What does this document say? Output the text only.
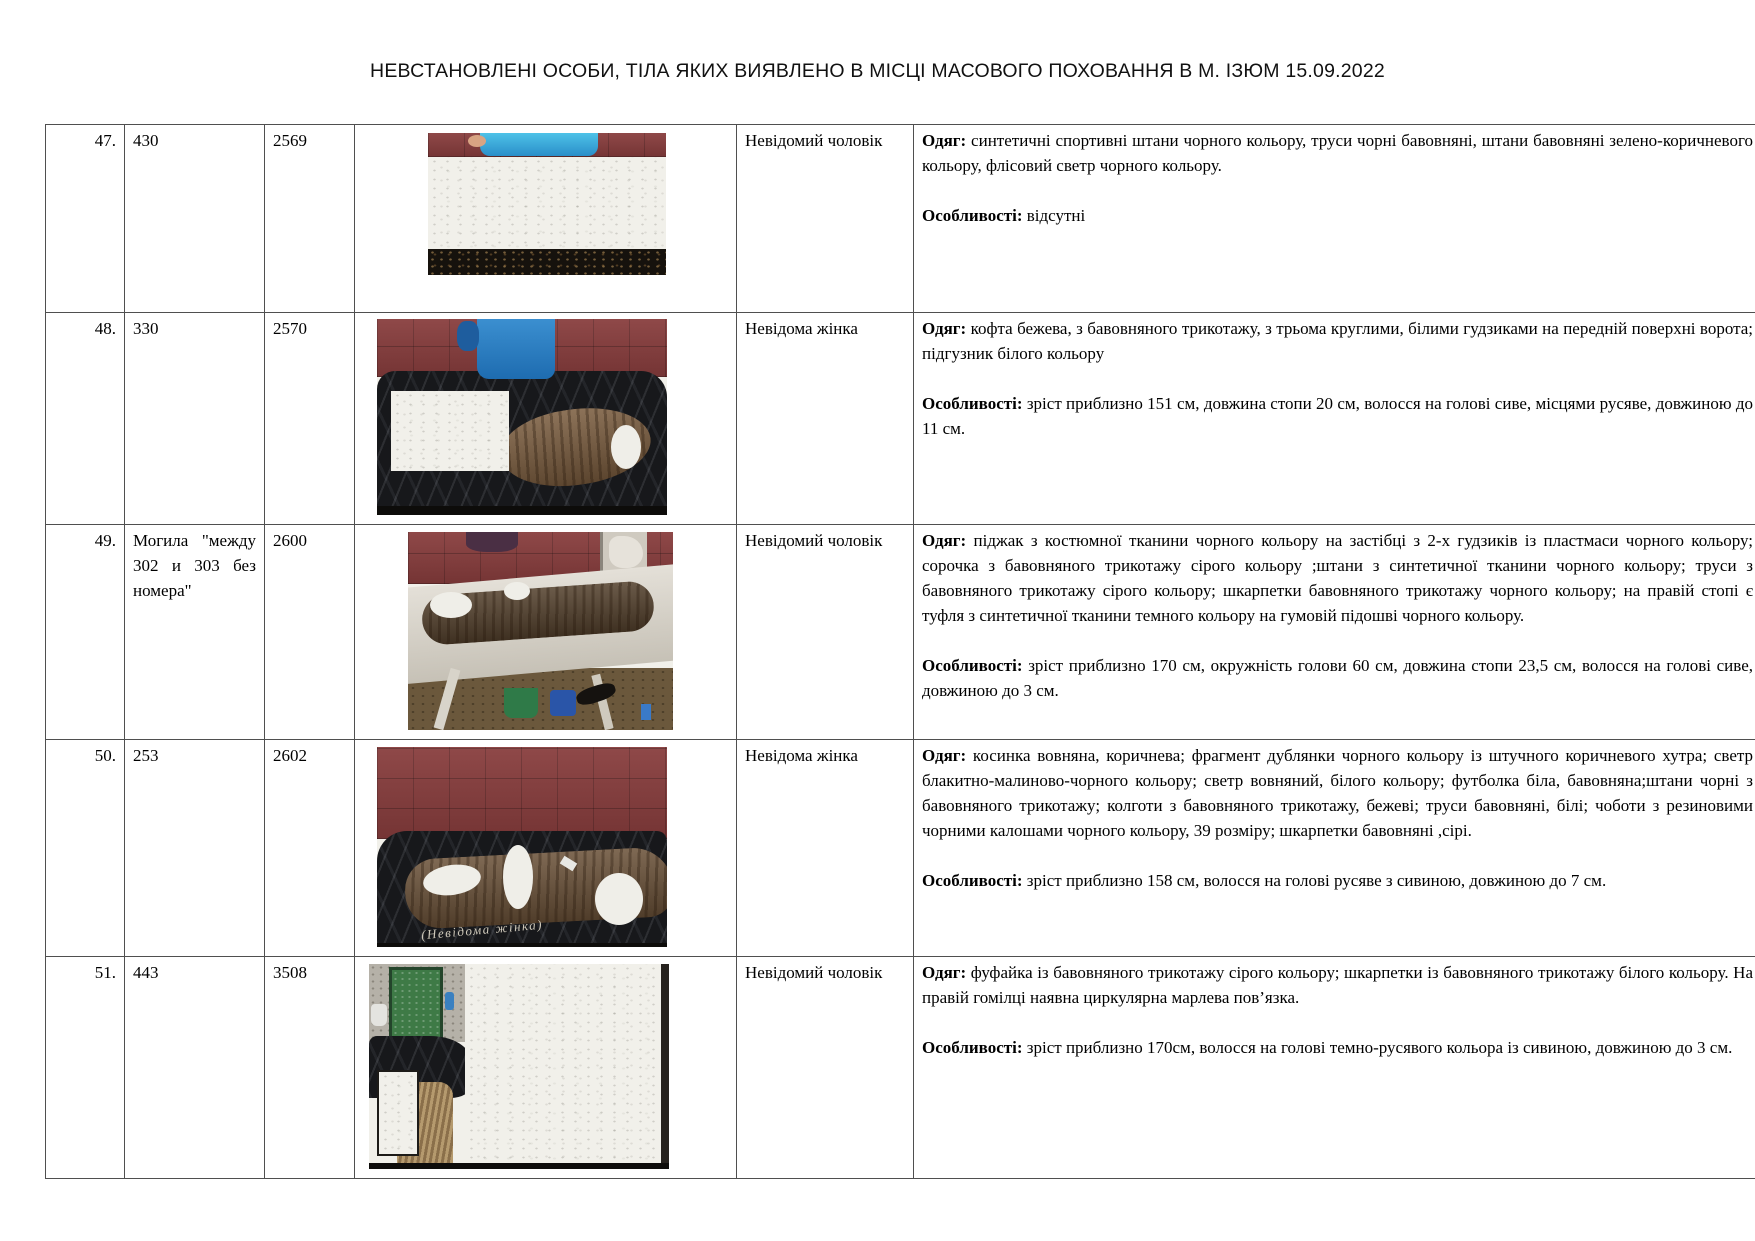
НЕВСТАНОВЛЕНІ ОСОБИ, ТІЛА ЯКИХ ВИЯВЛЕНО В МІСЦІ МАСОВОГО ПОХОВАННЯ В М. ІЗЮМ 15.09.2022
47.	430	2569		Невідомий чоловік	Одяг: синтетичні спортивні штани чорного кольору, труси чорні бавовняні, штани бавовняні зелено-коричневого кольору, флісовий светр чорного кольору.

Особливості: відсутні

48.	330	2570		Невідома жінка	Одяг: кофта бежева, з бавовняного трикотажу, з трьома круглими, білими гудзиками на передній поверхні ворота; підгузник білого кольору

Особливості: зріст приблизно 151 см, довжина стопи 20 см, волосся на голові сиве, місцями русяве, довжиною до 11 см.

49.	Могила "между 302 и 303 без номера"	2600		Невідомий чоловік	Одяг: піджак з костюмної тканини чорного кольору на застібці з 2-х гудзиків із пластмаси чорного кольору; сорочка з бавовняного трикотажу сірого кольору ;штани з синтетичної тканини чорного кольору; труси з бавовняного трикотажу сірого кольору; шкарпетки бавовняного трикотажу чорного кольору; на правій стопі є туфля з синтетичної тканини темного кольору на гумовій підошві чорного кольору.

Особливості: зріст приблизно 170 см, окружність голови 60 см, довжина стопи 23,5 см, волосся на голові сиве, довжиною до 3 см.

50.	253	2602	(Невідома жінка)	Невідома жінка	Одяг: косинка вовняна, коричнева; фрагмент дублянки чорного кольору із штучного коричневого хутра; светр блакитно-малиново-чорного кольору; светр вовняний, білого кольору; футболка біла, бавовняна;штани чорні з бавовняного трикотажу; колготи з бавовняного трикотажу, бежеві; труси бавовняні, білі; чоботи з резиновими чорними калошами чорного кольору, 39 розміру; шкарпетки бавовняні ,сірі.

Особливості: зріст приблизно 158 см, волосся на голові русяве з сивиною, довжиною до 7 см.

51.	443	3508		Невідомий чоловік	Одяг: фуфайка із бавовняного трикотажу сірого кольору; шкарпетки із бавовняного трикотажу білого кольору. На правій гомілці наявна циркулярна марлева пов’язка.

Особливості: зріст приблизно 170см, волосся на голові темно-русявого кольора із сивиною, довжиною до 3 см.
